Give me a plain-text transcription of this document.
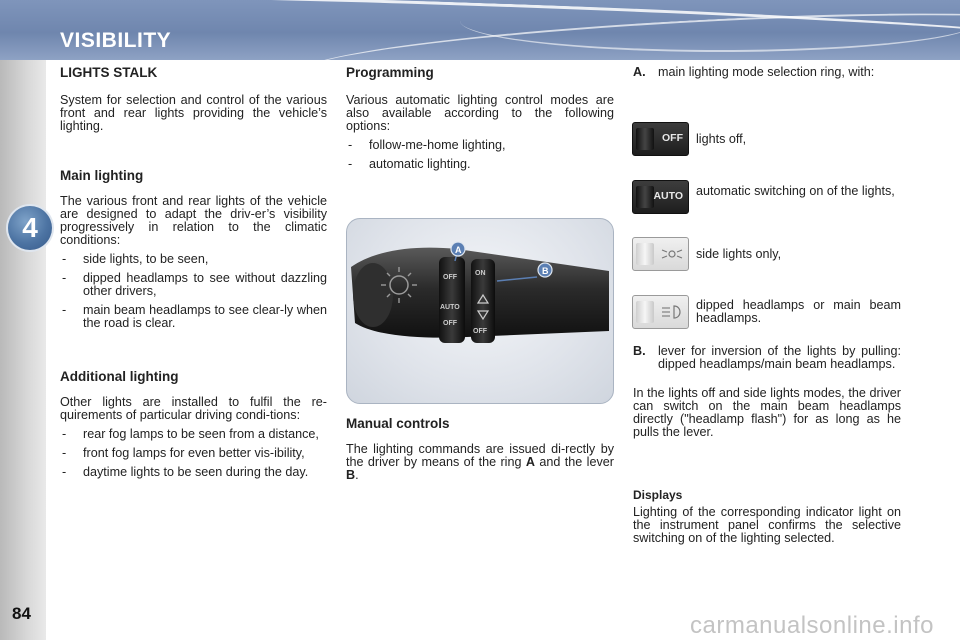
VISIBILITY
4
84
LIGHTS STALK

System for selection and control of the various front and rear lights providing the vehicle’s lighting.

Main lighting

The various front and rear lights of the vehicle are designed to adapt the driv-er’s visibility progressively in relation to the climatic conditions:

- side lights, to be seen,
- dipped headlamps to see without dazzling other drivers,
- main beam headlamps to see clear-ly when the road is clear.
Additional lighting

Other lights are installed to fulfil the re-quirements of particular driving condi-tions:

- rear fog lamps to be seen from a distance,
- front fog lamps for even better vis-ibility,
- daytime lights to be seen during the day.
Programming

Various automatic lighting control modes are also available according to the following options:

- follow-me-home lighting,
- automatic lighting.
OFF
AUTO
OFF
ON
OFF
A
B
Manual controls

The lighting commands are issued di-rectly by the driver by means of the ring A and the lever B.

A. main lighting mode selection ring, with:
OFF lights off,
AUTO automatic switching on of the lights,
side lights only,
dipped headlamps or main beam headlamps.
B. lever for inversion of the lights by pulling: dipped headlamps/main beam headlamps.

In the lights off and side lights modes, the driver can switch on the main beam headlamps directly ("headlamp flash") for as long as he pulls the lever.

Displays

Lighting of the corresponding indicator light on the instrument panel confirms the selective switching on of the lighting selected.

carmanualsonline.info
